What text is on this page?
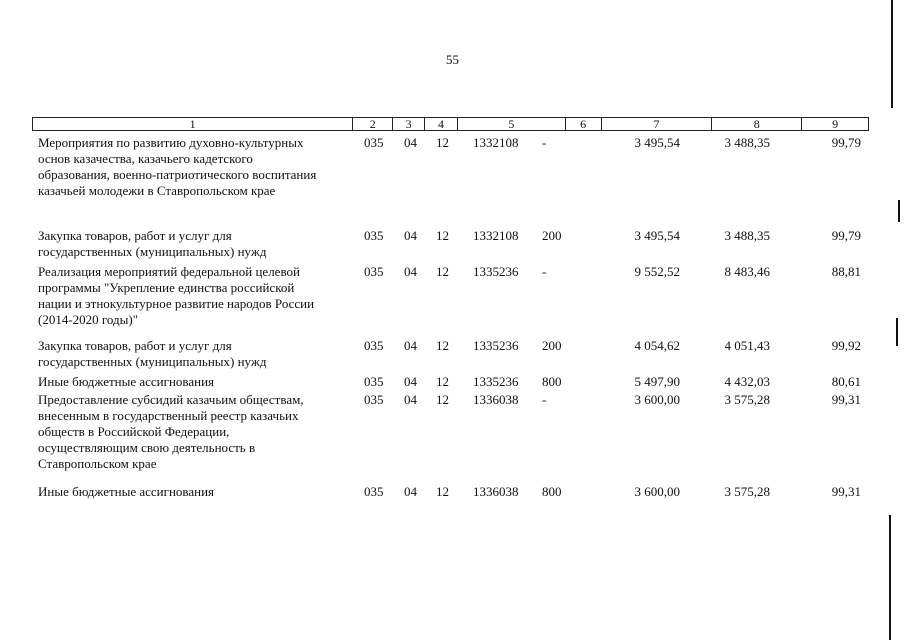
55
1	2	3	4	5	6	7	8	9
Мероприятия по развитию духовно-культурных
основ казачества, казачьего кадетского
образования, военно-патриотического воспитания
казачьей молодежи в Ставропольском крае
035 04 12 1332108 -	3 495,54	3 488,35	99,79
Закупка товаров, работ и услуг для
государственных (муниципальных) нужд
035 04 12 1332108 200	3 495,54	3 488,35	99,79
Реализация мероприятий федеральной целевой
программы "Укрепление единства российской
нации и этнокультурное развитие народов России
(2014-2020 годы)"
035 04 12 1335236 -	9 552,52	8 483,46	88,81
Закупка товаров, работ и услуг для
государственных (муниципальных) нужд
035 04 12 1335236 200	4 054,62	4 051,43	99,92
Иные бюджетные ассигнования	035 04 12 1335236 800	5 497,90	4 432,03	80,61
Предоставление субсидий казачьим обществам,
внесенным в государственный реестр казачьих
обществ в Российской Федерации,
осуществляющим свою деятельность в
Ставропольском крае
035 04 12 1336038 -	3 600,00	3 575,28	99,31
Иные бюджетные ассигнования	035 04 12 1336038 800	3 600,00	3 575,28	99,31
